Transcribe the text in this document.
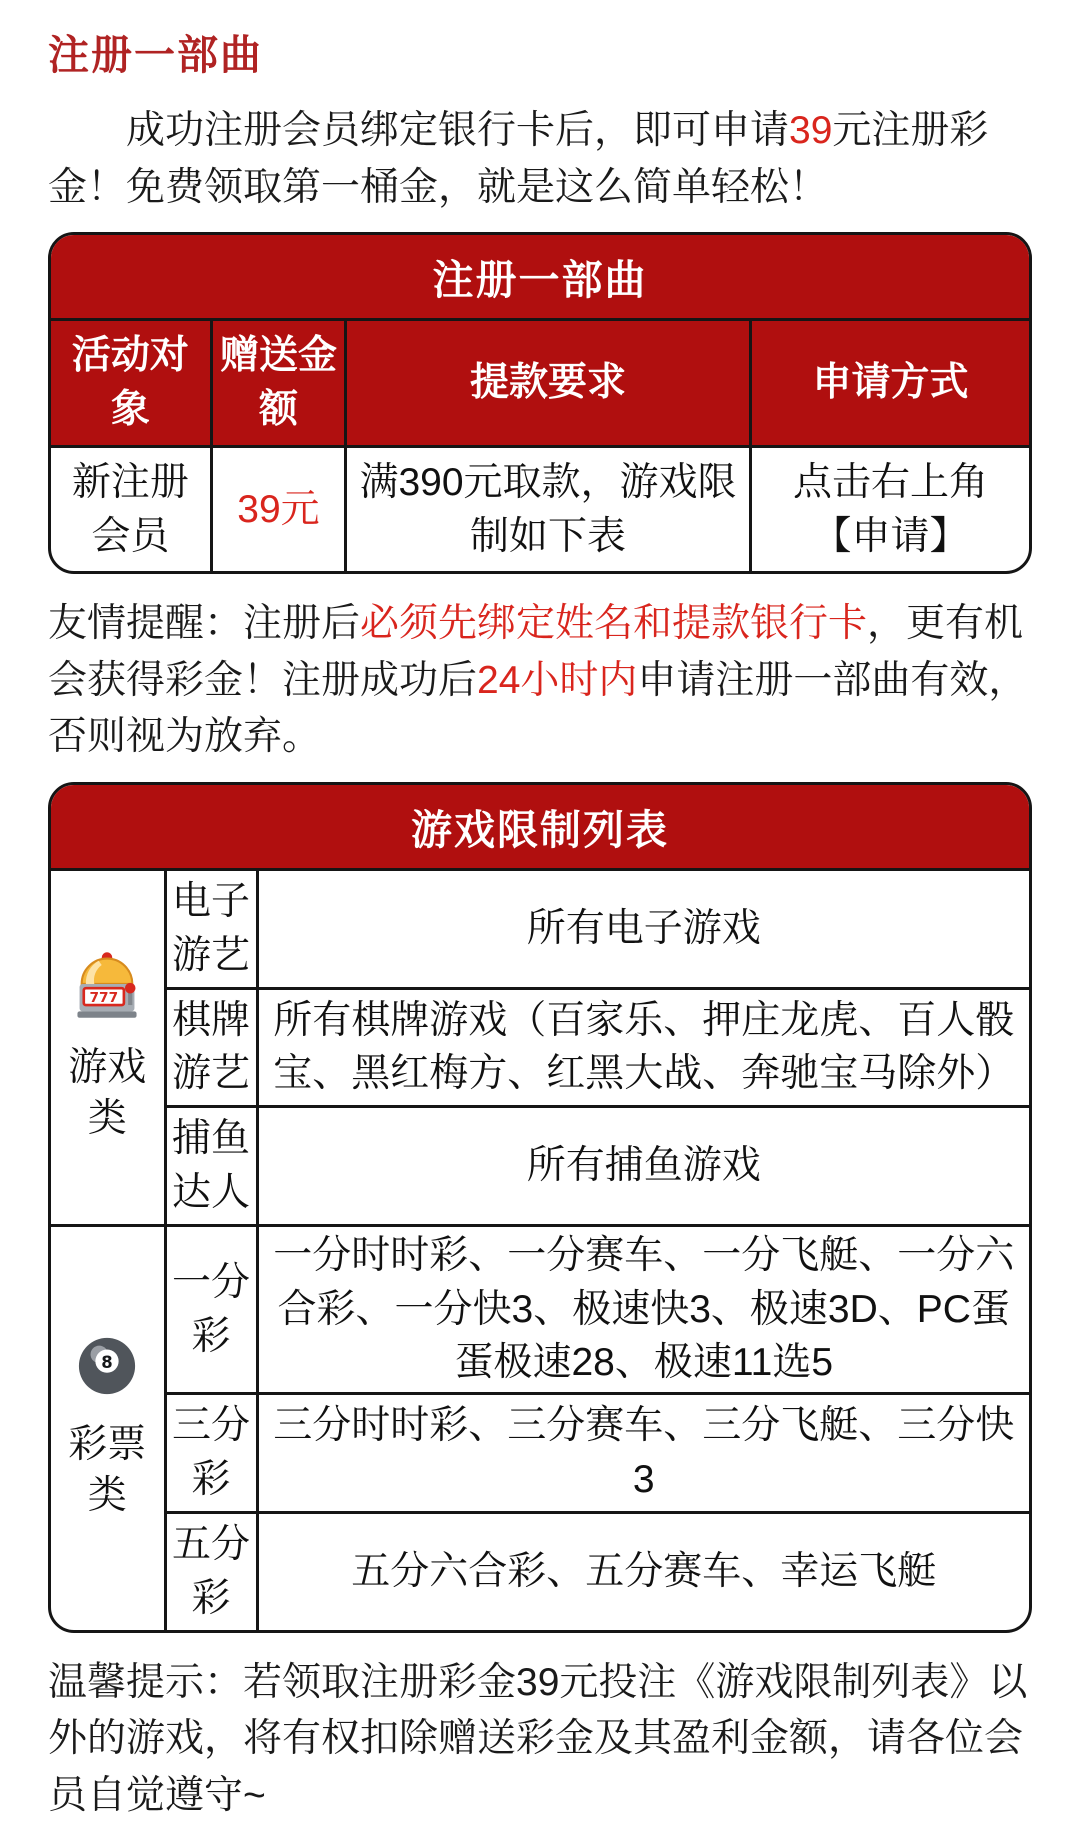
注册一部曲

成功注册会员绑定银行卡后，即可申请39元注册彩金！免费领取第一桶金，就是这么简单轻松！

注册一部曲
活动对象	赠送金额	提款要求	申请方式
新注册会员	39元	满390元取款，游戏限制如下表	点击右上角【申请】

友情提醒：注册后必须先绑定姓名和提款银行卡，更有机会获得彩金！注册成功后24小时内申请注册一部曲有效，否则视为放弃。

游戏限制列表
777
游戏类	电子游艺	所有电子游戏
	棋牌游艺	所有棋牌游戏（百家乐、押庄龙虎、百人骰宝、黑红梅方、红黑大战、奔驰宝马除外）
	捕鱼达人	所有捕鱼游戏

8
彩票类	一分彩	一分时时彩、一分赛车、一分飞艇、一分六合彩、一分快3、极速快3、极速3D、PC蛋蛋极速28、极速11选5
	三分彩	三分时时彩、三分赛车、三分飞艇、三分快3
	五分彩	五分六合彩、五分赛车、幸运飞艇

温馨提示：若领取注册彩金39元投注《游戏限制列表》以外的游戏，将有权扣除赠送彩金及其盈利金额，请各位会员自觉遵守~
